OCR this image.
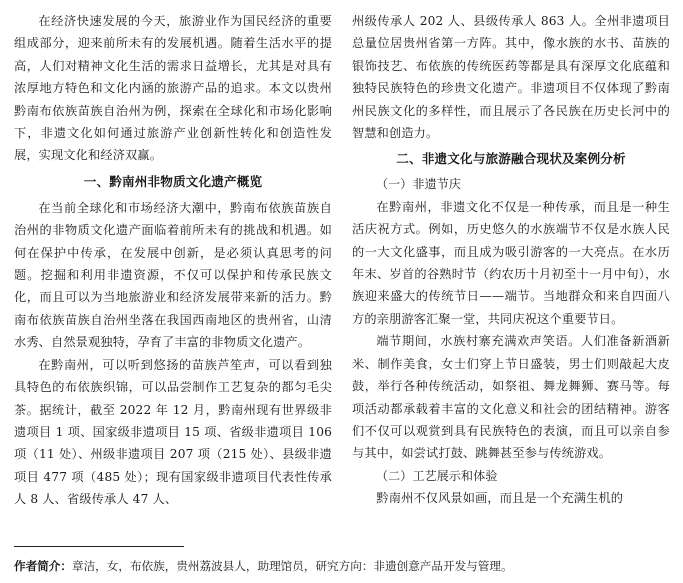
在经济快速发展的今天，旅游业作为国民经济的重要组成部分，迎来前所未有的发展机遇。随着生活水平的提高，人们对精神文化生活的需求日益增长，尤其是对具有浓厚地方特色和文化内涵的旅游产品的追求。本文以贵州黔南布依族苗族自治州为例，探索在全球化和市场化影响下，非遗文化如何通过旅游产业创新性转化和创造性发展，实现文化和经济双赢。

一、黔南州非物质文化遗产概览

在当前全球化和市场经济大潮中，黔南布依族苗族自治州的非物质文化遗产面临着前所未有的挑战和机遇。如何在保护中传承，在发展中创新，是必须认真思考的问题。挖掘和利用非遗资源，不仅可以保护和传承民族文化，而且可以为当地旅游业和经济发展带来新的活力。黔南布依族苗族自治州坐落在我国西南地区的贵州省，山清水秀、自然景观独特，孕育了丰富的非物质文化遗产。

在黔南州，可以听到悠扬的苗族芦笙声，可以看到独具特色的布依族织锦，可以品尝制作工艺复杂的都匀毛尖茶。据统计，截至 2022 年 12 月，黔南州现有世界级非遗项目 1 项、国家级非遗项目 15 项、省级非遗项目 106 项（11 处）、州级非遗项目 207 项（215 处）、县级非遗项目 477 项（485 处）；现有国家级非遗项目代表性传承人 8 人、省级传承人 47 人、

州级传承人 202 人、县级传承人 863 人。全州非遗项目总量位居贵州省第一方阵。其中，像水族的水书、苗族的银饰技艺、布依族的传统医药等都是具有深厚文化底蕴和独特民族特色的珍贵文化遗产。非遗项目不仅体现了黔南州民族文化的多样性，而且展示了各民族在历史长河中的智慧和创造力。

二、非遗文化与旅游融合现状及案例分析
（一）非遗节庆

在黔南州，非遗文化不仅是一种传承，而且是一种生活庆祝方式。例如，历史悠久的水族端节不仅是水族人民的一大文化盛事，而且成为吸引游客的一大亮点。在水历年末、岁首的谷熟时节（约农历十月初至十一月中旬），水族迎来盛大的传统节日——端节。当地群众和来自四面八方的亲朋游客汇聚一堂，共同庆祝这个重要节日。

端节期间，水族村寨充满欢声笑语。人们准备新酒新米、制作美食，女士们穿上节日盛装，男士们则敲起大皮鼓，举行各种传统活动，如祭祖、舞龙舞狮、赛马等。每项活动都承载着丰富的文化意义和社会的团结精神。游客们不仅可以观赏到具有民族特色的表演，而且可以亲自参与其中，如尝试打鼓、跳舞甚至参与传统游戏。

（二）工艺展示和体验

黔南州不仅风景如画，而且是一个充满生机的

作者简介：章洁，女，布依族，贵州荔波县人，助理馆员，研究方向：非遗创意产品开发与管理。
